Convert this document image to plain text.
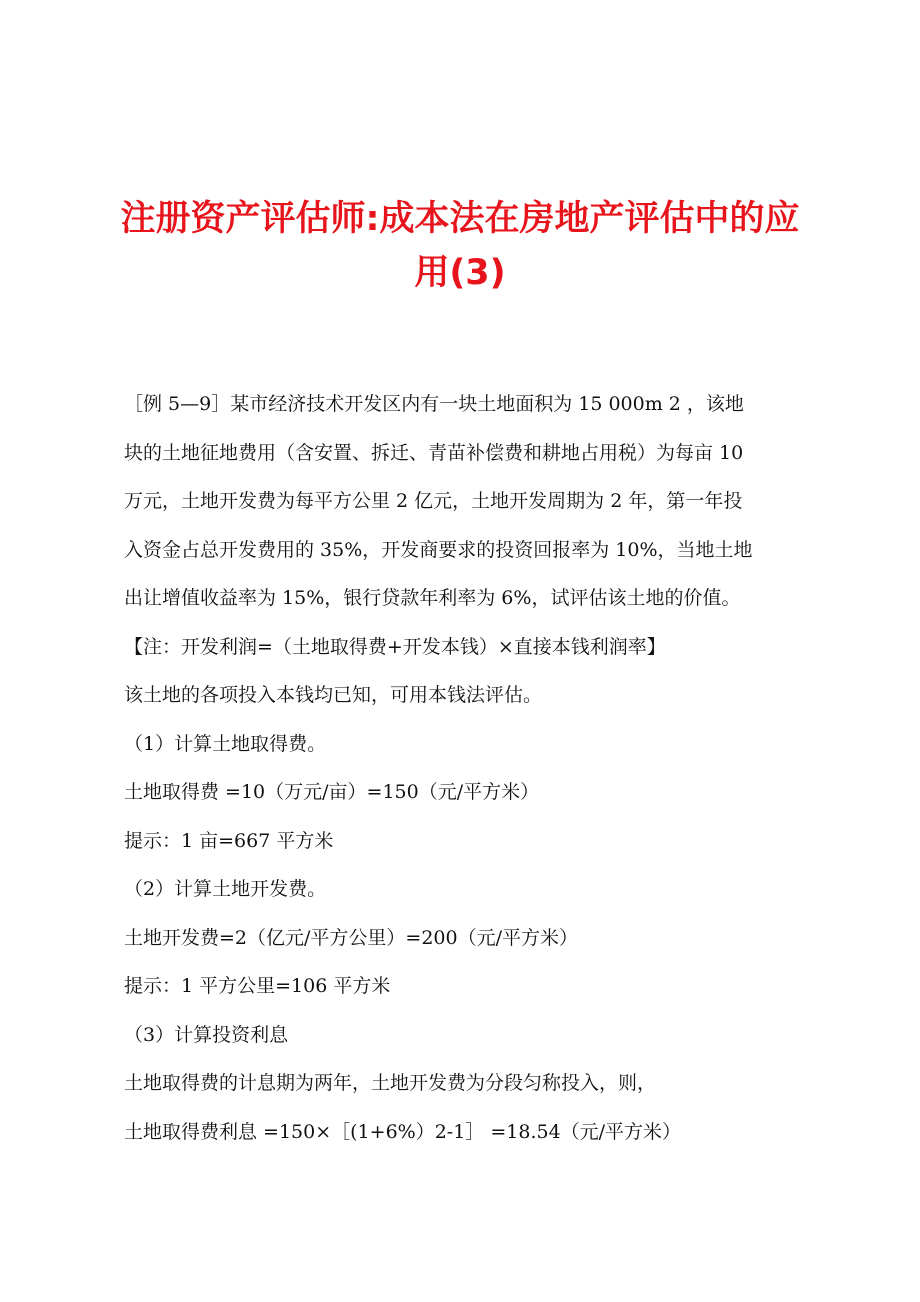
注册资产评估师:成本法在房地产评估中的应
用(3)

［例 5—9］某市经济技术开发区内有一块土地面积为 15 000m 2 ，该地
块的土地征地费用（含安置、拆迁、青苗补偿费和耕地占用税）为每亩 10
万元，土地开发费为每平方公里 2 亿元，土地开发周期为 2 年，第一年投
入资金占总开发费用的 35%，开发商要求的投资回报率为 10%，当地土地
出让增值收益率为 15%，银行贷款年利率为 6%，试评估该土地的价值。

【注：开发利润=（土地取得费+开发本钱）×直接本钱利润率】

该土地的各项投入本钱均已知，可用本钱法评估。

（1）计算土地取得费。

土地取得费 =10（万元/亩）=150（元/平方米）

提示：1 亩=667 平方米

（2）计算土地开发费。

土地开发费=2（亿元/平方公里）=200（元/平方米）

提示：1 平方公里=106 平方米

（3）计算投资利息

土地取得费的计息期为两年，土地开发费为分段匀称投入，则，

土地取得费利息 =150×［(1+6%）2-1］ =18.54（元/平方米）
